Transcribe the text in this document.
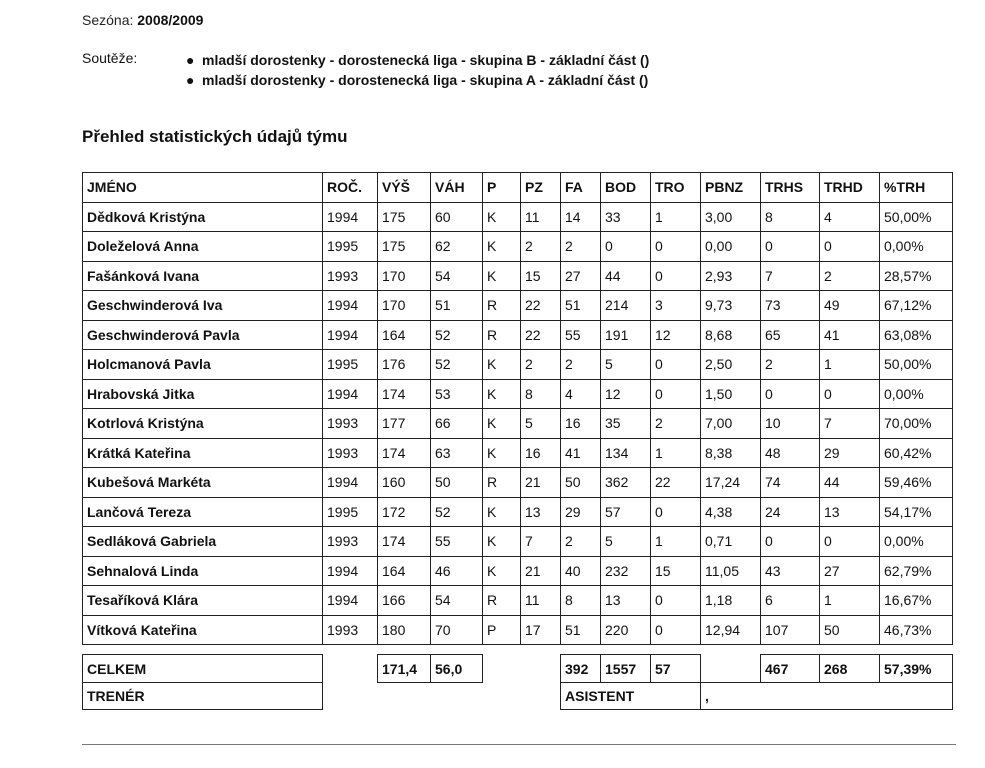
Sezóna: 2008/2009
Soutěže:	● mladší dorostenky - dorostenecká liga - skupina B - základní část ()
● mladší dorostenky - dorostenecká liga - skupina A - základní část ()
Přehled statistických údajů týmu
JMÉNO	ROČ.	VÝŠ	VÁH	P	PZ	FA	BOD	TRO	PBNZ	TRHS	TRHD	%TRH
Dědková Kristýna	1994	175	60	K	11	14	33	1	3,00	8	4	50,00%
Doleželová Anna	1995	175	62	K	2	2	0	0	0,00	0	0	0,00%
Fašánková Ivana	1993	170	54	K	15	27	44	0	2,93	7	2	28,57%
Geschwinderová Iva	1994	170	51	R	22	51	214	3	9,73	73	49	67,12%
Geschwinderová Pavla	1994	164	52	R	22	55	191	12	8,68	65	41	63,08%
Holcmanová Pavla	1995	176	52	K	2	2	5	0	2,50	2	1	50,00%
Hrabovská Jitka	1994	174	53	K	8	4	12	0	1,50	0	0	0,00%
Kotrlová Kristýna	1993	177	66	K	5	16	35	2	7,00	10	7	70,00%
Krátká Kateřina	1993	174	63	K	16	41	134	1	8,38	48	29	60,42%
Kubešová Markéta	1994	160	50	R	21	50	362	22	17,24	74	44	59,46%
Lančová Tereza	1995	172	52	K	13	29	57	0	4,38	24	13	54,17%
Sedláková Gabriela	1993	174	55	K	7	2	5	1	0,71	0	0	0,00%
Sehnalová Linda	1994	164	46	K	21	40	232	15	11,05	43	27	62,79%
Tesaříková Klára	1994	166	54	R	11	8	13	0	1,18	6	1	16,67%
Vítková Kateřina	1993	180	70	P	17	51	220	0	12,94	107	50	46,73%

CELKEM		171,4	56,0			392	1557	57		467	268	57,39%
TRENÉR						ASISTENT			,			
